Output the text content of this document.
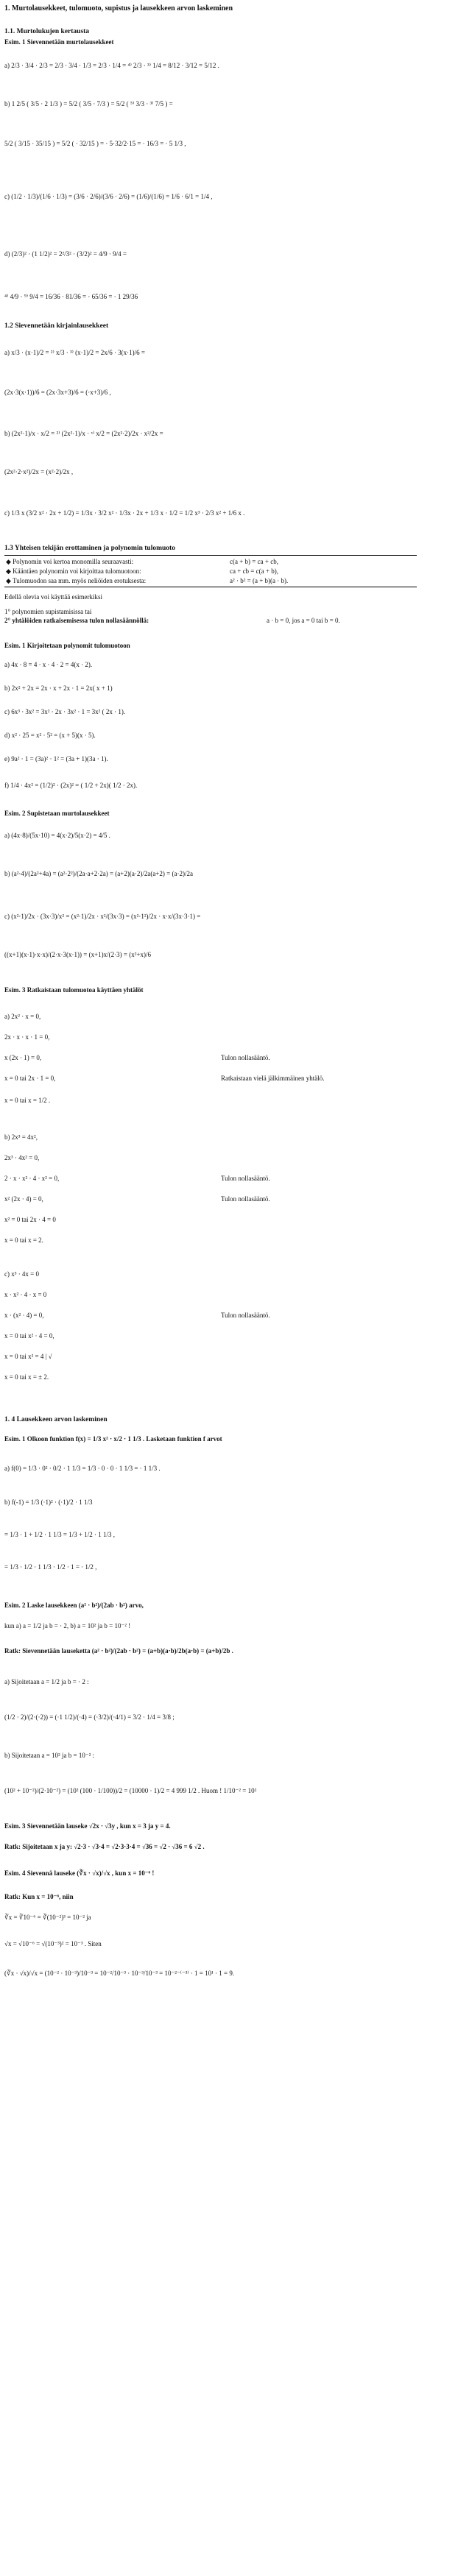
1. Murtolausekkeet, tulomuoto, supistus ja lausekkeen arvon laskeminen
1.1. Murtolukujen kertausta
Esim. 1 Sievennetään murtolausekkeet
a) 2/3 · 3/4 · 2/3 = 2/3 · 3/4 · 1/3 = 2/3 · 1/4 = ⁴⁾ 2/3 · ³⁾ 1/4 = 8/12 · 3/12 = 5/12 .
b) 1 2/5 ( 3/5 · 2 1/3 ) = 5/2 ( 3/5 · 7/3 ) = 5/2 ( ⁵⁾ 3/3 · ³⁾ 7/5 ) =
5/2 ( 3/15 · 35/15 ) = 5/2 ( · 32/15 ) = · 5·32/2·15 = · 16/3 = · 5 1/3 ,
c) (1/2 · 1/3)/(1/6 · 1/3) = (3/6 · 2/6)/(3/6 · 2/6) = (1/6)/(1/6) = 1/6 · 6/1 = 1/4 ,
d) (2/3)² · (1 1/2)² = 2²/3² · (3/2)² = 4/9 · 9/4 =
⁴⁾ 4/9 · ⁹⁾ 9/4 = 16/36 · 81/36 = · 65/36 = · 1 29/36
1.2 Sievennetään kirjainlausekkeet
a) x/3 · (x·1)/2 = ²⁾ x/3 · ³⁾ (x·1)/2 = 2x/6 · 3(x·1)/6 =
(2x·3(x·1))/6 = (2x·3x+3)/6 = (·x+3)/6 ,
b) (2x²·1)/x · x/2 = ²⁾ (2x²·1)/x · ˣ⁾ x/2 = (2x²·2)/2x · x²/2x =
(2x²·2·x²)/2x = (x²·2)/2x ,
c) 1/3 x (3/2 x² · 2x + 1/2) = 1/3x · 3/2 x² · 1/3x · 2x + 1/3 x · 1/2 = 1/2 x³ · 2/3 x² + 1/6 x .
1.3 Yhteisen tekijän erottaminen ja polynomin tulomuoto
◆ Polynomin voi kertoa monomilla seuraavasti:
◆ Kääntäen polynomin voi kirjoittaa tulomuotoon:
◆ Tulomuodon saa mm. myös neliöiden erotuksesta:
c(a + b) = ca + cb,
ca + cb = c(a + b),
a² · b² = (a + b)(a · b).
Edellä olevia voi käyttää esimerkiksi
1° polynomien supistamisissa tai
2° yhtälöiden ratkaisemisessa tulon nollasäännöllä:	a · b = 0, jos a = 0 tai b = 0.
Esim. 1 Kirjoitetaan polynomit tulomuotoon
a) 4x · 8 = 4 · x · 4 · 2 = 4(x · 2).
b) 2x² + 2x = 2x · x + 2x · 1 = 2x( x + 1)
c) 6x³ · 3x² = 3x² · 2x · 3x² · 1 = 3x² ( 2x · 1).
d) x² · 25 = x² · 5² = (x + 5)(x · 5).
e) 9a² · 1 = (3a)² · 1² = (3a + 1)(3a · 1).
f) 1/4 · 4x² = (1/2)² · (2x)² = ( 1/2 + 2x)( 1/2 · 2x).
Esim. 2 Supistetaan murtolausekkeet
a) (4x·8)/(5x·10) = 4(x·2)/5(x·2) = 4/5 .
b) (a²·4)/(2a²+4a) = (a²·2²)/(2a·a+2·2a) = (a+2)(a·2)/2a(a+2) = (a·2)/2a
c) (x²·1)/2x · (3x·3)/x² = (x²·1)/2x · x²/(3x·3) = (x²·1²)/2x · x·x/(3x·3·1) =
((x+1)(x·1)·x·x)/(2·x·3(x·1)) = (x+1)x/(2·3) = (x²+x)/6
Esim. 3 Ratkaistaan tulomuotoa käyttäen yhtälöt
a) 2x² · x = 0,
2x · x · x · 1 = 0,
x (2x · 1) = 0,
x = 0 tai 2x · 1 = 0,
x = 0 tai x = 1/2 .
Tulon nollasääntö.
Ratkaistaan vielä jälkimmäinen yhtälö.
b) 2x³ = 4x²,
2x³ · 4x² = 0,
2 · x · x² · 4 · x² = 0,
x² (2x · 4) = 0,
x² = 0 tai 2x · 4 = 0
x = 0 tai x = 2.
Tulon nollasääntö.
Tulon nollasääntö.
c) x³ · 4x = 0
x · x² · 4 · x = 0
x · (x² · 4) = 0,
x = 0 tai x² · 4 = 0,
x = 0 tai x² = 4 | √
x = 0 tai x = ± 2.
Tulon nollasääntö.
1. 4 Lausekkeen arvon laskeminen
Esim. 1 Olkoon funktion f(x) = 1/3 x² · x/2 · 1 1/3 . Lasketaan funktion f arvot
a) f(0) = 1/3 · 0² · 0/2 · 1 1/3 = 1/3 · 0 · 0 · 1 1/3 = · 1 1/3 .
b) f(-1) = 1/3 (·1)² · (·1)/2 · 1 1/3
= 1/3 · 1 + 1/2 · 1 1/3 = 1/3 + 1/2 · 1 1/3 ,
= 1/3 · 1/2 · 1 1/3 · 1/2 · 1 = · 1/2 ,
Esim. 2 Laske lausekkeen (a² · b²)/(2ab · b²) arvo,
kun a) a = 1/2 ja b = · 2, b) a = 10² ja b = 10⁻² !
Ratk: Sievennetään lauseketta (a² · b²)/(2ab · b²) = (a+b)(a·b)/2b(a·b) = (a+b)/2b .
a) Sijoitetaan a = 1/2 ja b = · 2 :
(1/2 · 2)/(2·(·2)) = (·1 1/2)/(·4) = (·3/2)/(·4/1) = 3/2 · 1/4 = 3/8 ;
b) Sijoitetaan a = 10² ja b = 10⁻² :
(10² + 10⁻²)/(2·10⁻²) = (10² (100 · 1/100))/2 = (10000 · 1)/2 = 4 999 1/2 . Huom ! 1/10⁻² = 10²
Esim. 3 Sievennetään lauseke √2x · √3y , kun x = 3 ja y = 4.
Ratk: Sijoitetaan x ja y: √2·3 · √3·4 = √2·3·3·4 = √36 = √2 · √36 = 6 √2 .
Esim. 4 Sievennä lauseke (∛x · √x)/√x , kun x = 10⁻⁶ !
Ratk: Kun x = 10⁻⁶, niin
∛x = ∛10⁻⁶ = ∛(10⁻²)³ = 10⁻² ja
√x = √10⁻⁶ = √(10⁻³)² = 10⁻³ . Siten
(∛x · √x)/√x = (10⁻² · 10⁻³)/10⁻³ = 10⁻²/10⁻³ · 10⁻³/10⁻³ = 10⁻²⁻⁽⁻³⁾ · 1 = 10¹ · 1 = 9.
